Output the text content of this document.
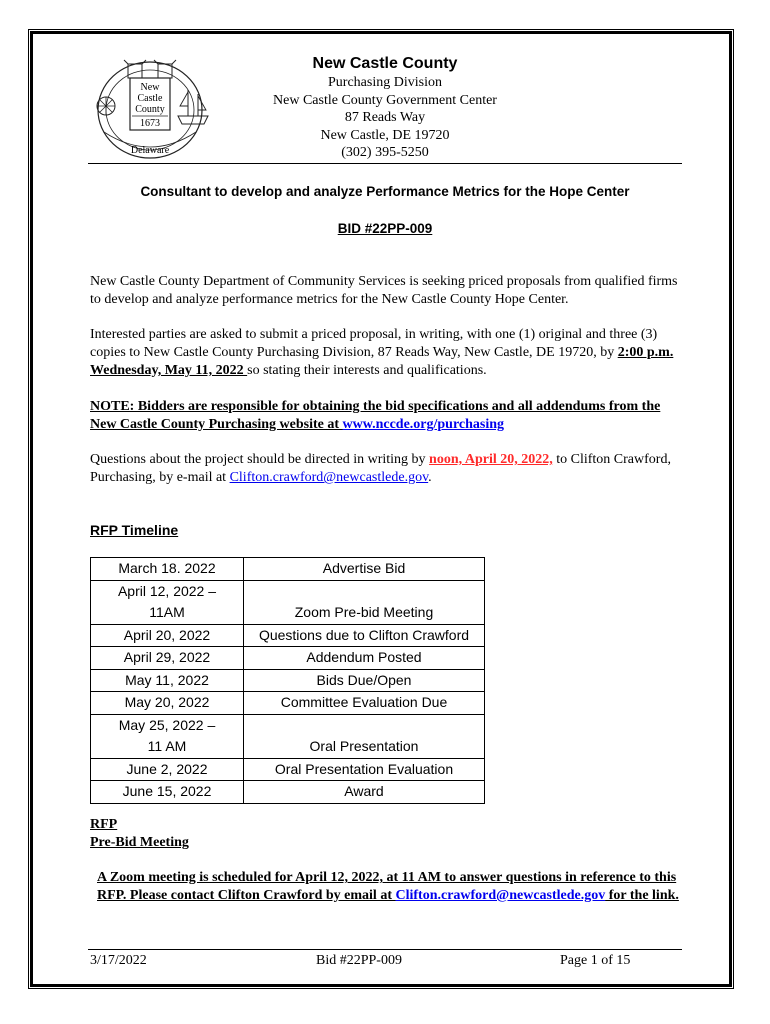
New
Castle
County
1673
Delaware
New Castle County
Purchasing Division
New Castle County Government Center
87 Reads Way
New Castle, DE 19720
(302) 395-5250
Consultant to develop and analyze Performance Metrics for the Hope Center
BID #22PP-009
New Castle County Department of Community Services is seeking priced proposals from qualified firms to develop and analyze performance metrics for the New Castle County Hope Center.
Interested parties are asked to submit a priced proposal, in writing, with one (1) original and three (3) copies to New Castle County Purchasing Division, 87 Reads Way, New Castle, DE 19720, by 2:00 p.m. Wednesday, May 11, 2022 so stating their interests and qualifications.
NOTE: Bidders are responsible for obtaining the bid specifications and all addendums from the New Castle County Purchasing website at www.nccde.org/purchasing
Questions about the project should be directed in writing by noon, April 20, 2022, to Clifton Crawford, Purchasing, by e-mail at Clifton.crawford@newcastlede.gov.
RFP Timeline
March 18. 2022	Advertise Bid
April 12, 2022 –
11AM	Zoom Pre-bid Meeting
April 20, 2022	Questions due to Clifton Crawford
April 29, 2022	Addendum Posted
May 11, 2022	Bids Due/Open
May 20, 2022	Committee Evaluation Due
May 25, 2022 –
11 AM	Oral Presentation
June 2, 2022	Oral Presentation Evaluation
June 15, 2022	Award
RFP
Pre-Bid Meeting
A Zoom meeting is scheduled for April 12, 2022, at 11 AM to answer questions in reference to this RFP. Please contact Clifton Crawford by email at Clifton.crawford@newcastlede.gov for the link.
3/17/2022	Bid #22PP-009	Page 1 of 15
